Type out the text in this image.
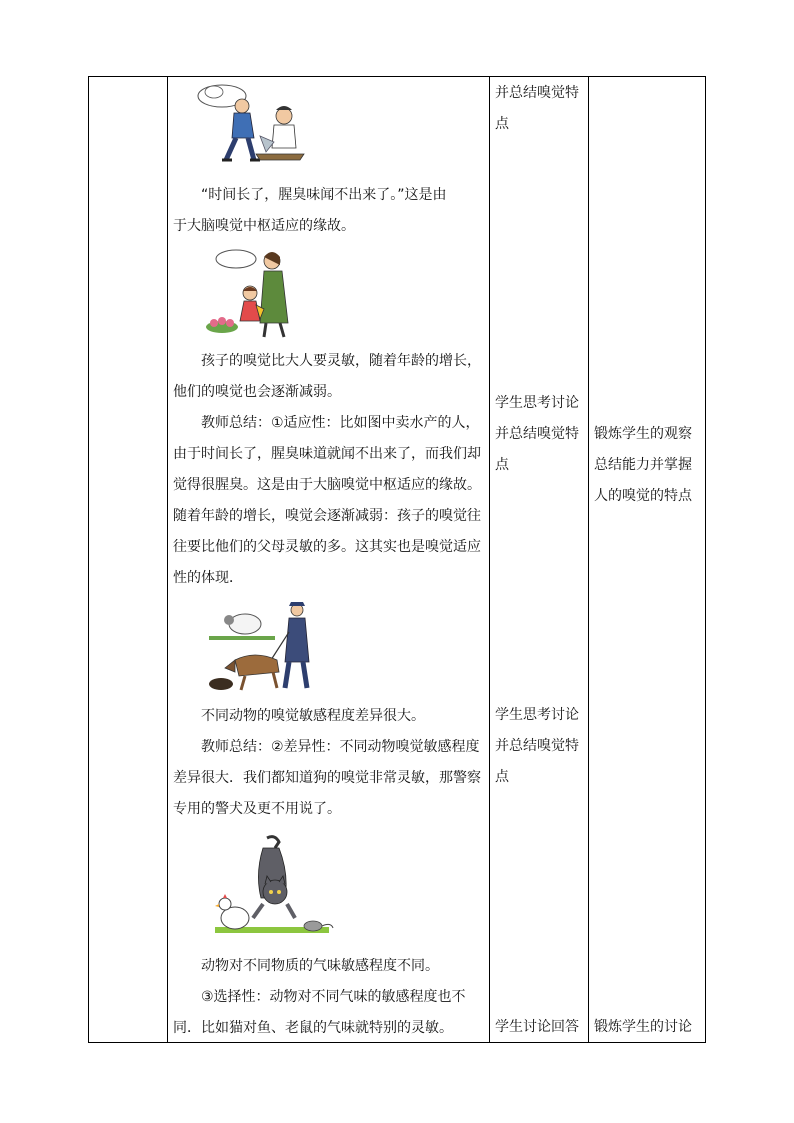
“时间长了，腥臭味闻不出来了。”这是由
于大脑嗅觉中枢适应的缘故。
孩子的嗅觉比大人要灵敏，随着年龄的增长，
他们的嗅觉也会逐渐减弱。
教师总结：①适应性：比如图中卖水产的人，
由于时间长了，腥臭味道就闻不出来了，而我们却
觉得很腥臭。这是由于大脑嗅觉中枢适应的缘故。
随着年龄的增长，嗅觉会逐渐减弱：孩子的嗅觉往
往要比他们的父母灵敏的多。这其实也是嗅觉适应
性的体现．
不同动物的嗅觉敏感程度差异很大。
教师总结：②差异性：不同动物嗅觉敏感程度
差异很大．我们都知道狗的嗅觉非常灵敏，那警察
专用的警犬及更不用说了。
动物对不同物质的气味敏感程度不同。
③选择性：动物对不同气味的敏感程度也不
同．比如猫对鱼、老鼠的气味就特别的灵敏。
并总结嗅觉特
点
学生思考讨论
并总结嗅觉特
点
学生思考讨论
并总结嗅觉特
点
学生讨论回答
锻炼学生的观察
总结能力并掌握
人的嗅觉的特点
锻炼学生的讨论
